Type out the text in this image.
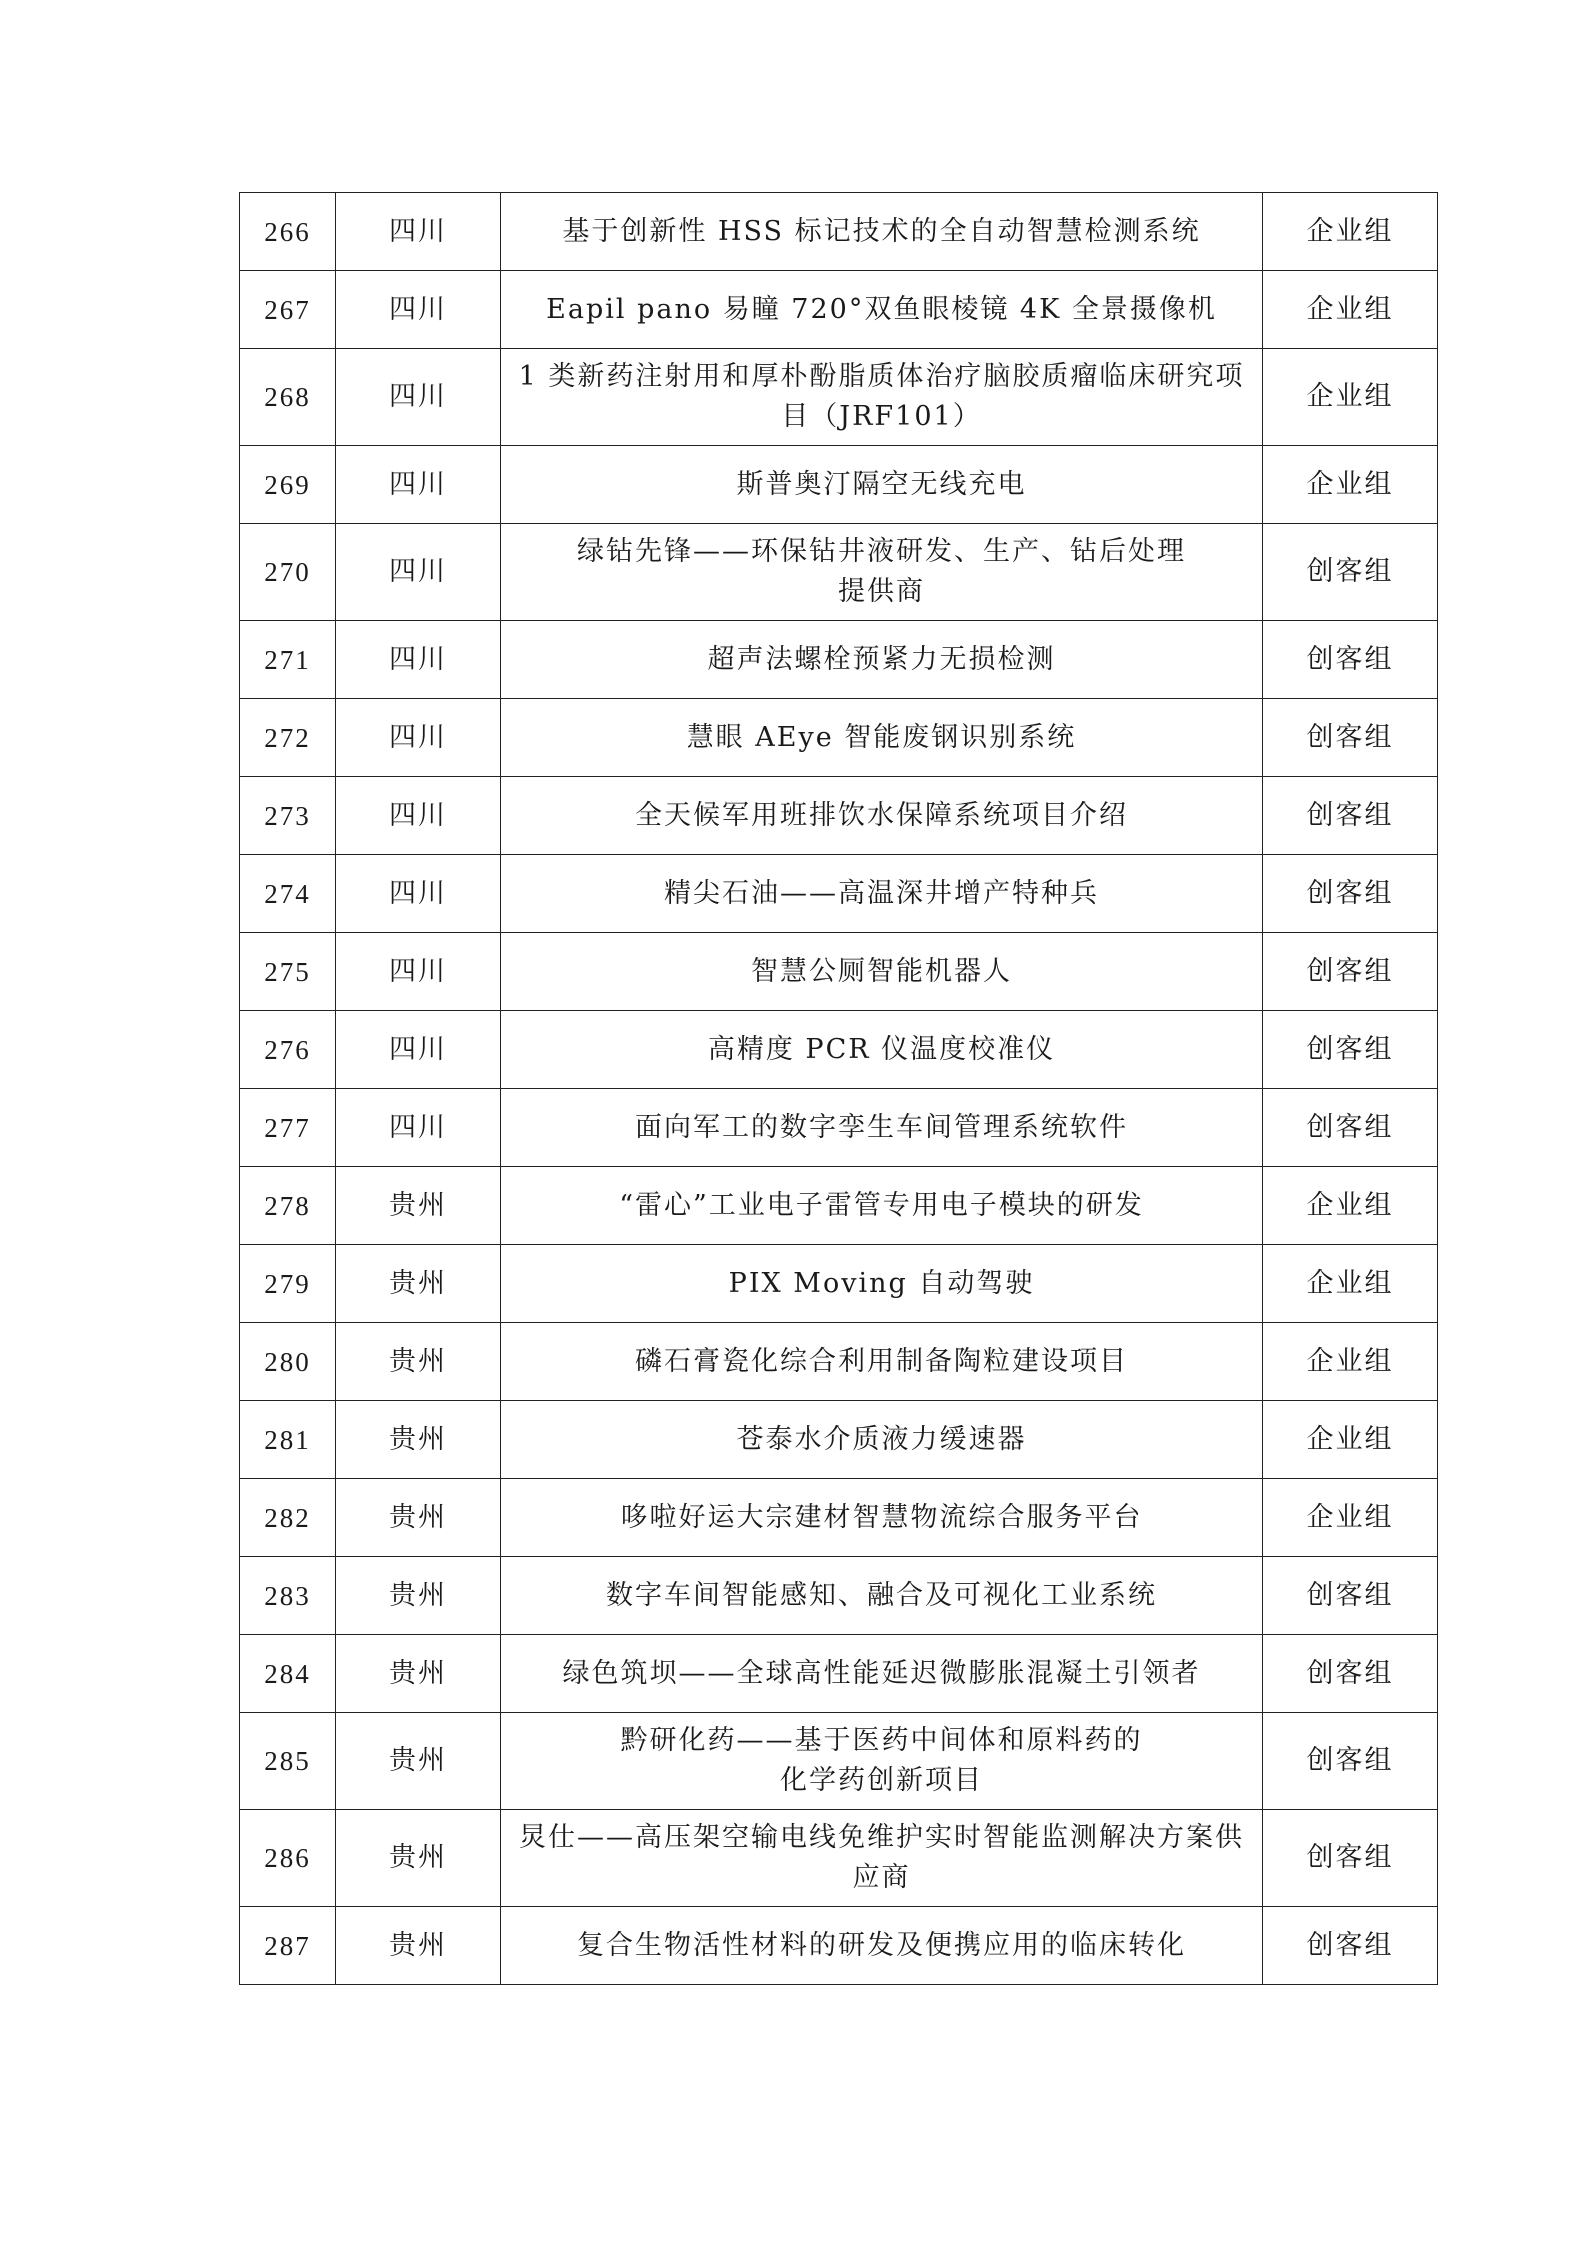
266	四川	基于创新性 HSS 标记技术的全自动智慧检测系统	企业组
267	四川	Eapil pano 易瞳 720°双鱼眼棱镜 4K 全景摄像机	企业组
268	四川	1 类新药注射用和厚朴酚脂质体治疗脑胶质瘤临床研究项
目（JRF101）	企业组
269	四川	斯普奥汀隔空无线充电	企业组
270	四川	绿钻先锋——环保钻井液研发、生产、钻后处理
提供商	创客组
271	四川	超声法螺栓预紧力无损检测	创客组
272	四川	慧眼 AEye 智能废钢识别系统	创客组
273	四川	全天候军用班排饮水保障系统项目介绍	创客组
274	四川	精尖石油——高温深井增产特种兵	创客组
275	四川	智慧公厕智能机器人	创客组
276	四川	高精度 PCR 仪温度校准仪	创客组
277	四川	面向军工的数字孪生车间管理系统软件	创客组
278	贵州	“雷心”工业电子雷管专用电子模块的研发	企业组
279	贵州	PIX Moving 自动驾驶	企业组
280	贵州	磷石膏瓷化综合利用制备陶粒建设项目	企业组
281	贵州	苍泰水介质液力缓速器	企业组
282	贵州	哆啦好运大宗建材智慧物流综合服务平台	企业组
283	贵州	数字车间智能感知、融合及可视化工业系统	创客组
284	贵州	绿色筑坝——全球高性能延迟微膨胀混凝土引领者	创客组
285	贵州	黔研化药——基于医药中间体和原料药的
化学药创新项目	创客组
286	贵州	炅仕——高压架空输电线免维护实时智能监测解决方案供
应商	创客组
287	贵州	复合生物活性材料的研发及便携应用的临床转化	创客组
